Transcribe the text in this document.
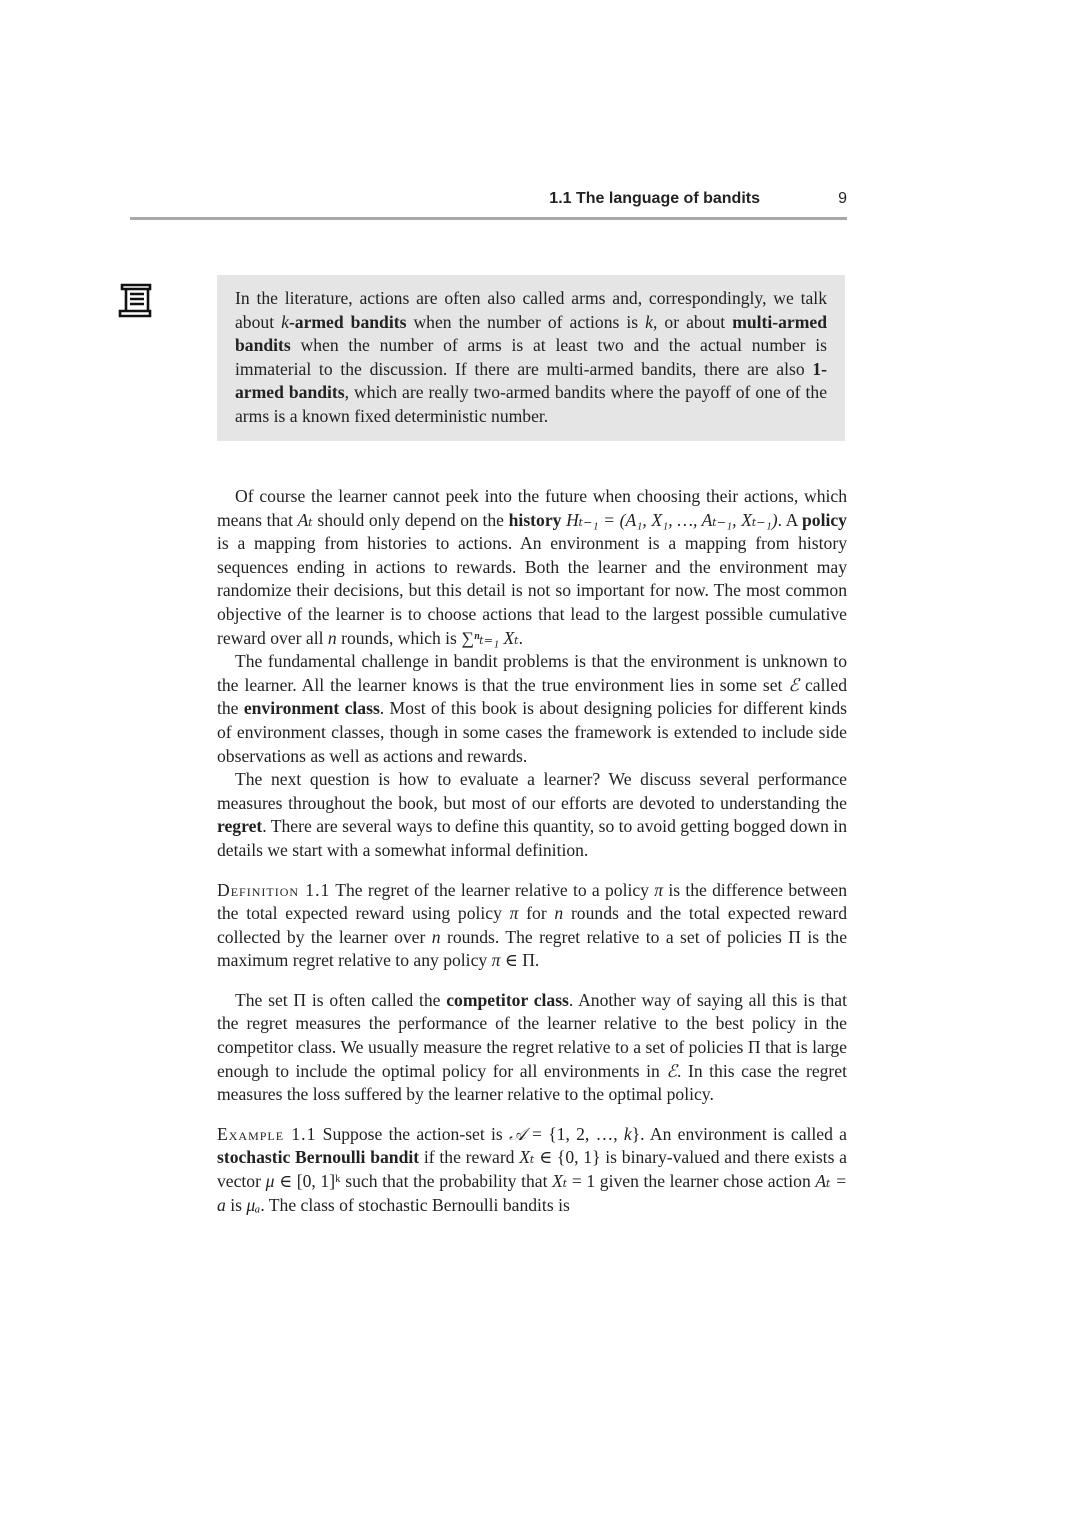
1.1 The language of bandits	9

In the literature, actions are often also called arms and, correspondingly, we talk about k-armed bandits when the number of actions is k, or about multi-armed bandits when the number of arms is at least two and the actual number is immaterial to the discussion. If there are multi-armed bandits, there are also 1-armed bandits, which are really two-armed bandits where the payoff of one of the arms is a known fixed deterministic number.

Of course the learner cannot peek into the future when choosing their actions, which means that Aₜ should only depend on the history Hₜ₋₁ = (A₁, X₁, …, Aₜ₋₁, Xₜ₋₁). A policy is a mapping from histories to actions. An environment is a mapping from history sequences ending in actions to rewards. Both the learner and the environment may randomize their decisions, but this detail is not so important for now. The most common objective of the learner is to choose actions that lead to the largest possible cumulative reward over all n rounds, which is ∑ⁿₜ₌₁ Xₜ.

The fundamental challenge in bandit problems is that the environment is unknown to the learner. All the learner knows is that the true environment lies in some set ℰ called the environment class. Most of this book is about designing policies for different kinds of environment classes, though in some cases the framework is extended to include side observations as well as actions and rewards.

The next question is how to evaluate a learner? We discuss several performance measures throughout the book, but most of our efforts are devoted to understanding the regret. There are several ways to define this quantity, so to avoid getting bogged down in details we start with a somewhat informal definition.

Definition 1.1 The regret of the learner relative to a policy π is the difference between the total expected reward using policy π for n rounds and the total expected reward collected by the learner over n rounds. The regret relative to a set of policies Π is the maximum regret relative to any policy π ∈ Π.

The set Π is often called the competitor class. Another way of saying all this is that the regret measures the performance of the learner relative to the best policy in the competitor class. We usually measure the regret relative to a set of policies Π that is large enough to include the optimal policy for all environments in ℰ. In this case the regret measures the loss suffered by the learner relative to the optimal policy.

Example 1.1 Suppose the action-set is 𝒜 = {1, 2, …, k}. An environment is called a stochastic Bernoulli bandit if the reward Xₜ ∈ {0, 1} is binary-valued and there exists a vector μ ∈ [0, 1]ᵏ such that the probability that Xₜ = 1 given the learner chose action Aₜ = a is μₐ. The class of stochastic Bernoulli bandits is
